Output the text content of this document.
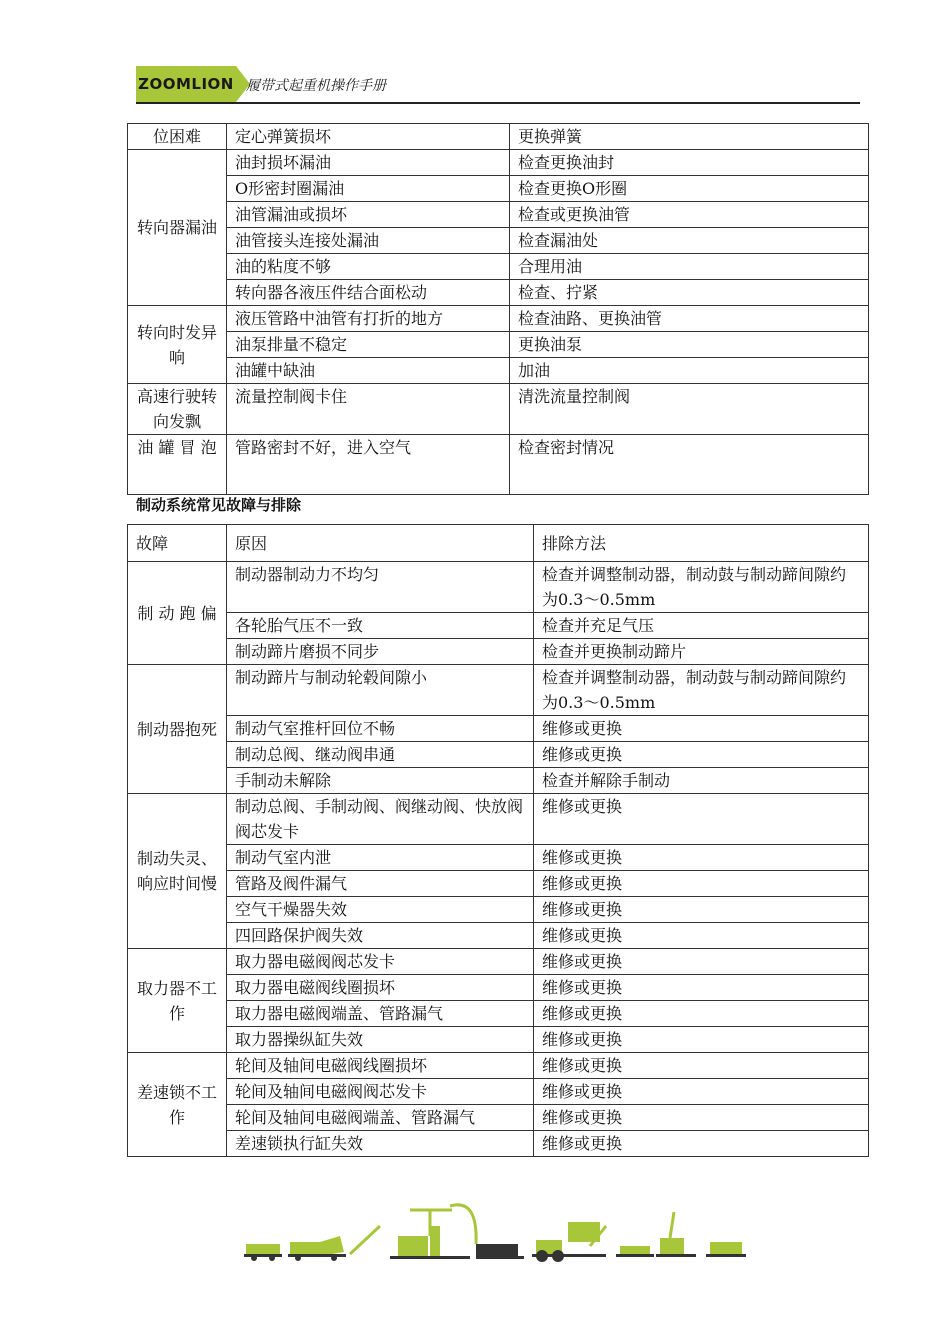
ZOOMLION 履带式起重机操作手册
位困难	定心弹簧损坏	更换弹簧
转向器漏油	油封损坏漏油	检查更换油封
	O形密封圈漏油	检查更换O形圈
	油管漏油或损坏	检查或更换油管
	油管接头连接处漏油	检查漏油处
	油的粘度不够	合理用油
	转向器各液压件结合面松动	检查、拧紧
转向时发异响	液压管路中油管有打折的地方	检查油路、更换油管
	油泵排量不稳定	更换油泵
	油罐中缺油	加油
高速行驶转向发飘	流量控制阀卡住	清洗流量控制阀
油 罐 冒 泡	管路密封不好，进入空气	检查密封情况
制动系统常见故障与排除
故障	原因	排除方法
制 动 跑 偏	制动器制动力不均匀	检查并调整制动器，制动鼓与制动蹄间隙约为0.3～0.5mm
	各轮胎气压不一致	检查并充足气压
	制动蹄片磨损不同步	检查并更换制动蹄片
制动器抱死	制动蹄片与制动轮毂间隙小	检查并调整制动器，制动鼓与制动蹄间隙约为0.3～0.5mm
	制动气室推杆回位不畅	维修或更换
	制动总阀、继动阀串通	维修或更换
	手制动未解除	检查并解除手制动
制动失灵、响应时间慢	制动总阀、手制动阀、阀继动阀、快放阀阀芯发卡	维修或更换
	制动气室内泄	维修或更换
	管路及阀件漏气	维修或更换
	空气干燥器失效	维修或更换
	四回路保护阀失效	维修或更换
取力器不工作	取力器电磁阀阀芯发卡	维修或更换
	取力器电磁阀线圈损坏	维修或更换
	取力器电磁阀端盖、管路漏气	维修或更换
	取力器操纵缸失效	维修或更换
差速锁不工作	轮间及轴间电磁阀线圈损坏	维修或更换
	轮间及轴间电磁阀阀芯发卡	维修或更换
	轮间及轴间电磁阀端盖、管路漏气	维修或更换
	差速锁执行缸失效	维修或更换
